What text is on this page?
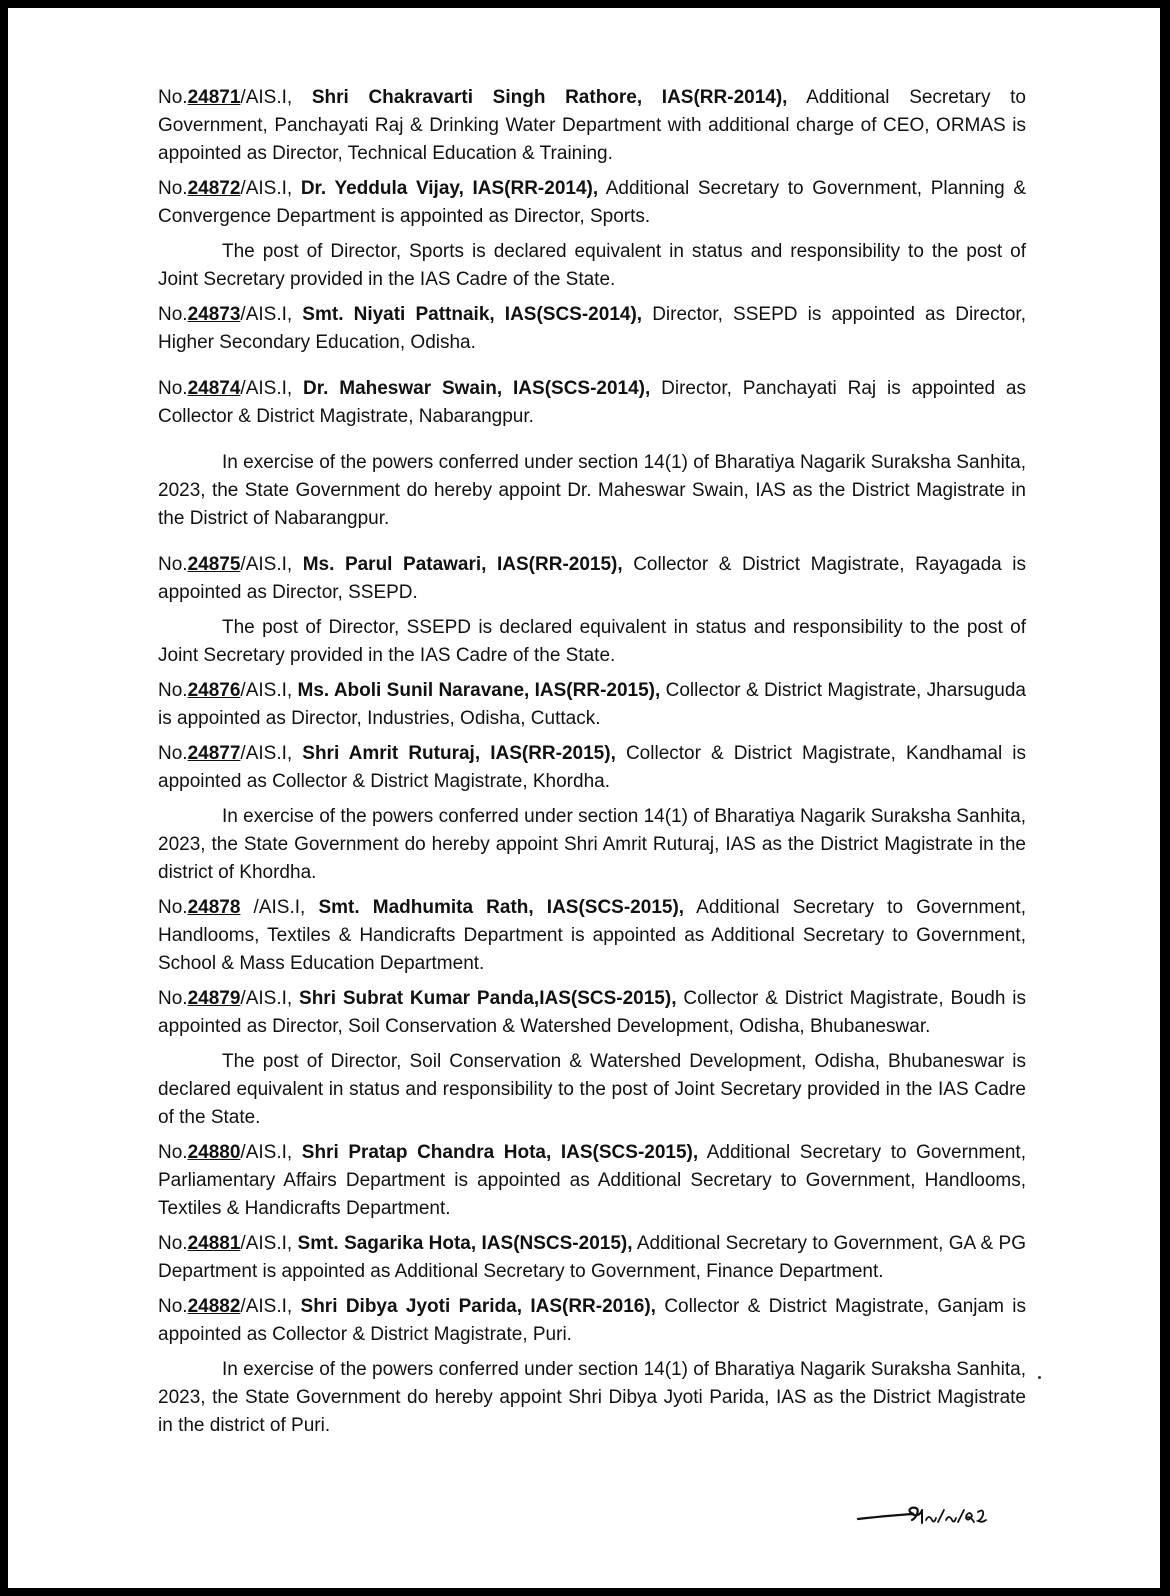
No.24871/AIS.I, Shri Chakravarti Singh Rathore, IAS(RR-2014), Additional Secretary to Government, Panchayati Raj & Drinking Water Department with additional charge of CEO, ORMAS is appointed as Director, Technical Education & Training.

No.24872/AIS.I, Dr. Yeddula Vijay, IAS(RR-2014), Additional Secretary to Government, Planning & Convergence Department is appointed as Director, Sports.

The post of Director, Sports is declared equivalent in status and responsibility to the post of Joint Secretary provided in the IAS Cadre of the State.

No.24873/AIS.I, Smt. Niyati Pattnaik, IAS(SCS-2014), Director, SSEPD is appointed as Director, Higher Secondary Education, Odisha.

No.24874/AIS.I, Dr. Maheswar Swain, IAS(SCS-2014), Director, Panchayati Raj is appointed as Collector & District Magistrate, Nabarangpur.

In exercise of the powers conferred under section 14(1) of Bharatiya Nagarik Suraksha Sanhita, 2023, the State Government do hereby appoint Dr. Maheswar Swain, IAS as the District Magistrate in the District of Nabarangpur.

No.24875/AIS.I, Ms. Parul Patawari, IAS(RR-2015), Collector & District Magistrate, Rayagada is appointed as Director, SSEPD.

The post of Director, SSEPD is declared equivalent in status and responsibility to the post of Joint Secretary provided in the IAS Cadre of the State.

No.24876/AIS.I, Ms. Aboli Sunil Naravane, IAS(RR-2015), Collector & District Magistrate, Jharsuguda is appointed as Director, Industries, Odisha, Cuttack.

No.24877/AIS.I, Shri Amrit Ruturaj, IAS(RR-2015), Collector & District Magistrate, Kandhamal is appointed as Collector & District Magistrate, Khordha.

In exercise of the powers conferred under section 14(1) of Bharatiya Nagarik Suraksha Sanhita, 2023, the State Government do hereby appoint Shri Amrit Ruturaj, IAS as the District Magistrate in the district of Khordha.

No.24878 /AIS.I, Smt. Madhumita Rath, IAS(SCS-2015), Additional Secretary to Government, Handlooms, Textiles & Handicrafts Department is appointed as Additional Secretary to Government, School & Mass Education Department.

No.24879/AIS.I, Shri Subrat Kumar Panda,IAS(SCS-2015), Collector & District Magistrate, Boudh is appointed as Director, Soil Conservation & Watershed Development, Odisha, Bhubaneswar.

The post of Director, Soil Conservation & Watershed Development, Odisha, Bhubaneswar is declared equivalent in status and responsibility to the post of Joint Secretary provided in the IAS Cadre of the State.

No.24880/AIS.I, Shri Pratap Chandra Hota, IAS(SCS-2015), Additional Secretary to Government, Parliamentary Affairs Department is appointed as Additional Secretary to Government, Handlooms, Textiles & Handicrafts Department.

No.24881/AIS.I, Smt. Sagarika Hota, IAS(NSCS-2015), Additional Secretary to Government, GA & PG Department is appointed as Additional Secretary to Government, Finance Department.

No.24882/AIS.I, Shri Dibya Jyoti Parida, IAS(RR-2016), Collector & District Magistrate, Ganjam is appointed as Collector & District Magistrate, Puri.

In exercise of the powers conferred under section 14(1) of Bharatiya Nagarik Suraksha Sanhita, 2023, the State Government do hereby appoint Shri Dibya Jyoti Parida, IAS as the District Magistrate in the district of Puri.
